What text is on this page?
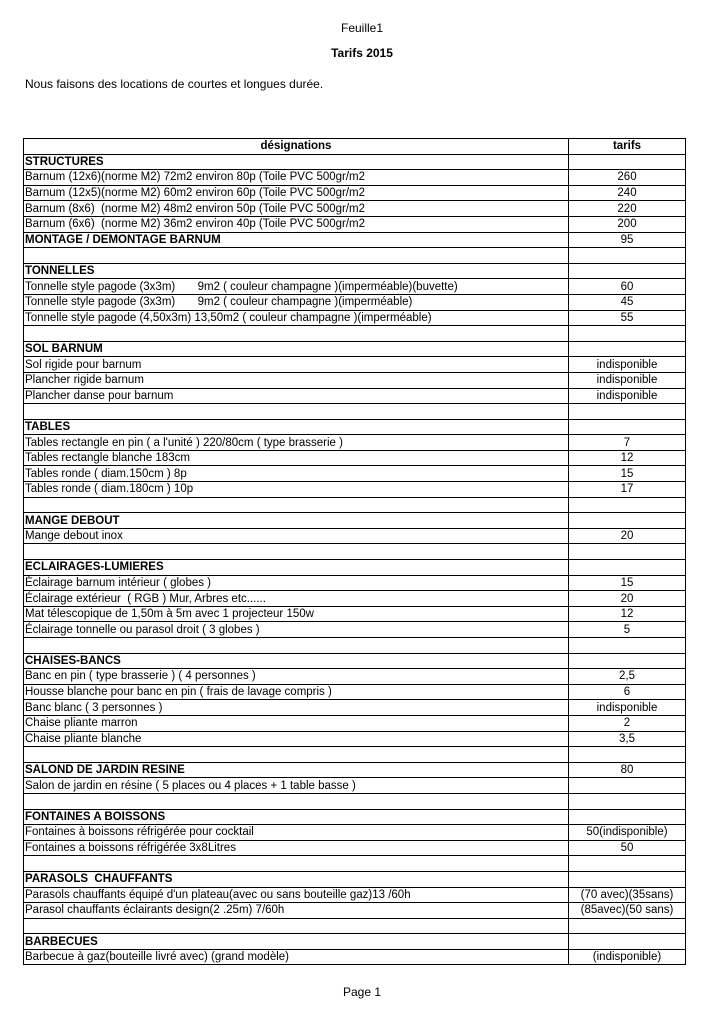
Feuille1
Tarifs 2015
Nous faisons des locations de courtes et longues durée.
désignations	tarifs
STRUCTURES	
Barnum (12x6)(norme M2) 72m2 environ 80p (Toile PVC 500gr/m2	260
Barnum (12x5)(norme M2) 60m2 environ 60p (Toile PVC 500gr/m2	240
Barnum (8x6)  (norme M2) 48m2 environ 50p (Toile PVC 500gr/m2	220
Barnum (6x6)  (norme M2) 36m2 environ 40p (Toile PVC 500gr/m2	200
MONTAGE / DEMONTAGE BARNUM	95

TONNELLES	
Tonnelle style pagode (3x3m)       9m2 ( couleur champagne )(imperméable)(buvette)	60
Tonnelle style pagode (3x3m)       9m2 ( couleur champagne )(imperméable)	45
Tonnelle style pagode (4,50x3m) 13,50m2 ( couleur champagne )(imperméable)	55

SOL BARNUM	
Sol rigide pour barnum	indisponible
Plancher rigide barnum	indisponible
Plancher danse pour barnum	indisponible

TABLES	
Tables rectangle en pin ( a l'unité ) 220/80cm ( type brasserie )	7
Tables rectangle blanche 183cm	12
Tables ronde ( diam.150cm ) 8p	15
Tables ronde ( diam.180cm ) 10p	17

MANGE DEBOUT	
Mange debout inox	20

ECLAIRAGES-LUMIERES	
Éclairage barnum intérieur ( globes )	15
Éclairage extérieur  ( RGB ) Mur, Arbres etc......	20
Mat télescopique de 1,50m à 5m avec 1 projecteur 150w	12
Éclairage tonnelle ou parasol droit ( 3 globes )	5

CHAISES-BANCS	
Banc en pin ( type brasserie ) ( 4 personnes )	2,5
Housse blanche pour banc en pin ( frais de lavage compris )	6
Banc blanc ( 3 personnes )	indisponible
Chaise pliante marron	2
Chaise pliante blanche	3,5

SALOND DE JARDIN RESINE	80
Salon de jardin en résine ( 5 places ou 4 places + 1 table basse )	

FONTAINES A BOISSONS	
Fontaines à boissons réfrigérée pour cocktail	50(indisponible)
Fontaines a boissons réfrigérée 3x8Litres	50

PARASOLS  CHAUFFANTS	
Parasols chauffants équipé d'un plateau(avec ou sans bouteille gaz)13 /60h	(70 avec)(35sans)
Parasol chauffants éclairants design(2 .25m) 7/60h	(85avec)(50 sans)

BARBECUES	
Barbecue à gaz(bouteille livré avec) (grand modèle)	(indisponible)
Page 1
